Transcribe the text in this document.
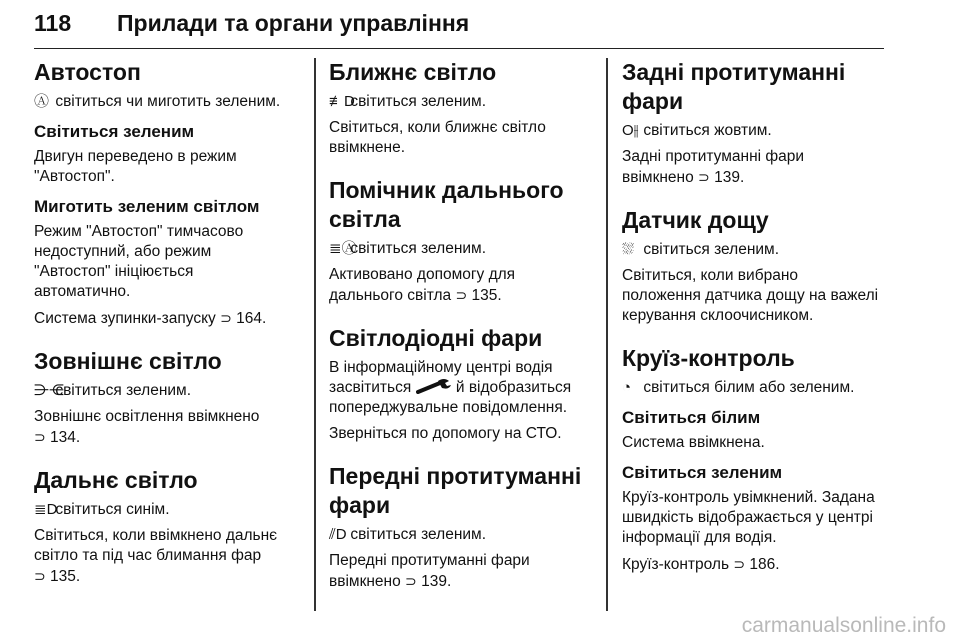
118 Прилади та органи управління
Автостоп
Ⓐ світиться чи миготить зеленим.
Світиться зеленим
Двигун переведено в режим
"Автостоп".
Миготить зеленим світлом
Режим "Автостоп" тимчасово
недоступний, або режим
"Автостоп" ініціюється
автоматично.
Система зупинки-запуску ⊃ 164.
Зовнішнє світло
⋺⋲ світиться зеленим.
Зовнішнє освітлення ввімкнено
⊃ 134.
Дальнє світло
≣D світиться синім.
Світиться, коли ввімкнено дальнє
світло та під час блимання фар
⊃ 135.
Ближнє світло
≢D світиться зеленим.
Світиться, коли ближнє світло
ввімкнене.
Помічник дальнього
світла
≣Ⓐ світиться зеленим.
Активовано допомогу для
дальнього світла ⊃ 135.
Світлодіодні фари
В інформаційному центрі водія
засвітиться	й відобразиться
попереджувальне повідомлення.
Зверніться по допомогу на СТО.
Передні протитуманні
фари
⫽D світиться зеленим.
Передні протитуманні фари
ввімкнено ⊃ 139.
Задні протитуманні фари
O⫲ світиться жовтим.
Задні протитуманні фари
ввімкнено ⊃ 139.
Датчик дощу
⛆ світиться зеленим.
Світиться, коли вибрано
положення датчика дощу на важелі
керування склоочисником.
Круїз-контроль
◔ світиться білим або зеленим.
Світиться білим
Система ввімкнена.
Світиться зеленим
Круїз-контроль увімкнений. Задана
швидкість відображається у центрі
інформації для водія.
Круїз-контроль ⊃ 186.
carmanualsonline.info
